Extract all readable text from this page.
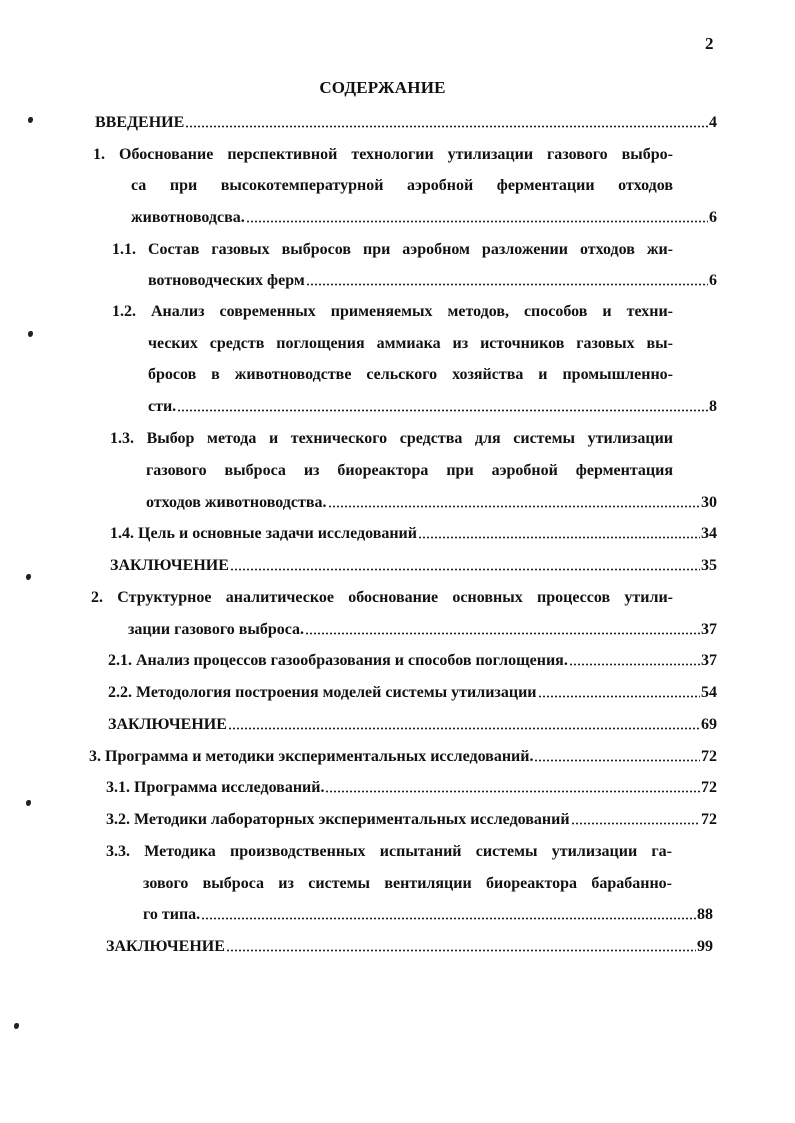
2
СОДЕРЖАНИЕ
ВВЕДЕНИЕ	4
1. Обоснование перспективной технологии утилизации газового выбро-
са при высокотемпературной аэробной ферментации отходов
животноводсва.	6
1.1. Состав газовых выбросов при аэробном разложении отходов жи-
вотноводческих ферм	6
1.2. Анализ современных применяемых методов, способов и техни-
ческих средств поглощения аммиака из источников газовых вы-
бросов в животноводстве сельского хозяйства и промышленно-
сти.	8
1.3. Выбор метода и технического средства для системы утилизации
газового выброса из биореактора при аэробной ферментация
отходов животноводства.	30
1.4. Цель и основные задачи исследований	34
ЗАКЛЮЧЕНИЕ	35
2. Структурное аналитическое обоснование основных процессов утили-
зации газового выброса.	37
2.1. Анализ процессов газообразования и способов поглощения.	37
2.2. Методология построения моделей системы утилизации	54
ЗАКЛЮЧЕНИЕ	69
3. Программа и методики экспериментальных исследований.	72
3.1. Программа исследований.	72
3.2. Методики лабораторных экспериментальных исследований	72
3.3. Методика производственных испытаний системы утилизации га-
зового выброса из системы вентиляции биореактора барабанно-
го типа.	88
ЗАКЛЮЧЕНИЕ	99
